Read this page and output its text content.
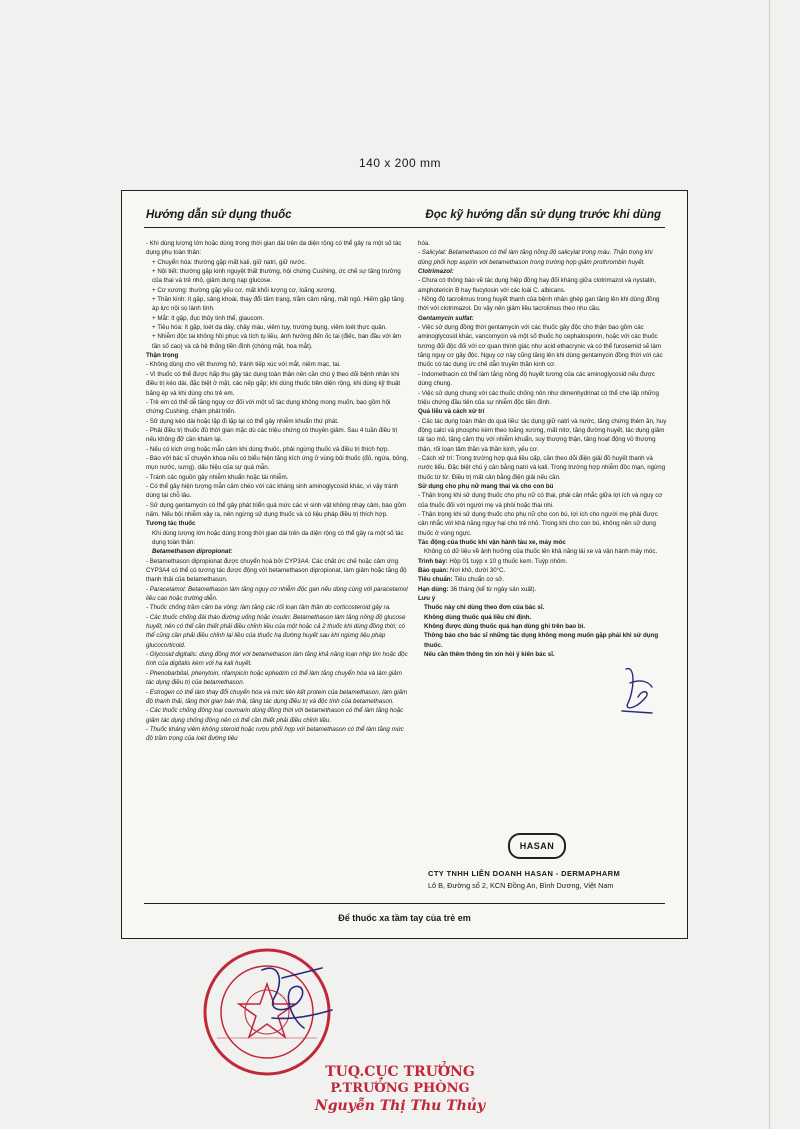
140 x 200 mm
Hướng dẫn sử dụng thuốc	Đọc kỹ hướng dẫn sử dụng trước khi dùng

- Khi dùng lượng lớn hoặc dùng trong thời gian dài trên da diện rộng có thể gây ra một số tác dụng phụ toàn thân:

+ Chuyển hóa: thường gặp mất kali, giữ natri, giữ nước.

+ Nội tiết: thường gặp kinh nguyệt thất thường, hội chứng Cushing, ức chế sự tăng trưởng của thai và trẻ nhỏ, giảm dung nạp glucose.

+ Cơ xương: thường gặp yếu cơ, mất khối lượng cơ, loãng xương.

+ Thần kinh: ít gặp, sảng khoái, thay đổi tâm trạng, trầm cảm nặng, mất ngủ. Hiếm gặp tăng áp lực nội sọ lành tính.

+ Mắt: ít gặp, đục thủy tinh thể, glaucom.

+ Tiêu hóa: ít gặp, loét dạ dày, chảy máu, viêm tụy, trướng bụng, viêm loét thực quản.

+ Nhiễm độc tai không hồi phục và tích tụ liều, ảnh hưởng đến ốc tai (điếc, ban đầu với âm tần số cao) và cả hệ thống tiền đình (chóng mặt, hoa mắt).

Thận trọng

- Không dùng cho vết thương hở, tránh tiếp xúc với mắt, niêm mạc, tai.

- Vì thuốc có thể được hấp thu gây tác dụng toàn thân nên cần chú ý theo dõi bệnh nhân khi điều trị kéo dài, đặc biệt ở mặt, các nếp gấp; khi dùng thuốc trên diện rộng, khi dùng kỹ thuật băng ép và khi dùng cho trẻ em.

- Trẻ em có thể dễ tăng nguy cơ đối với một số tác dụng không mong muốn, bao gồm hội chứng Cushing, chậm phát triển.

- Sử dụng kéo dài hoặc lặp đi lặp lại có thể gây nhiễm khuẩn thứ phát.

- Phải điều trị thuốc đủ thời gian mặc dù các triệu chứng có thuyên giảm. Sau 4 tuần điều trị nếu không đỡ cần khám lại.

- Nếu có kích ứng hoặc mẫn cảm khi dùng thuốc, phải ngừng thuốc và điều trị thích hợp.

- Báo với bác sĩ chuyên khoa nếu có biểu hiện tăng kích ứng ở vùng bôi thuốc (đỏ, ngứa, bỏng, mụn nước, sưng), dấu hiệu của sự quá mẫn.

- Tránh các nguồn gây nhiễm khuẩn hoặc tái nhiễm.

- Có thể gây hiện tượng mẫn cảm chéo với các kháng sinh aminoglycosid khác, vì vậy tránh dùng tại chỗ lâu.

- Sử dụng gentamycin có thể gây phát triển quá mức các vi sinh vật không nhạy cảm, bao gồm nấm. Nếu bội nhiễm xảy ra, nên ngừng sử dụng thuốc và có liệu pháp điều trị thích hợp.

Tương tác thuốc

Khi dùng lượng lớn hoặc dùng trong thời gian dài trên da diện rộng có thể gây ra một số tác dụng toàn thân:

Betamethason dipropionat:

- Betamethason dipropionat được chuyển hoá bởi CYP3A4. Các chất ức chế hoặc cảm ứng CYP3A4 có thể có tương tác được động với betamethason dipropionat, làm giảm hoặc tăng độ thanh thải của betamethason.

- Paracetamol: Betamethason làm tăng nguy cơ nhiễm độc gan nếu dùng cùng với paracetamol liều cao hoặc trường diễn.

- Thuốc chống trầm cảm ba vòng: làm tăng các rối loạn tâm thần do corticosteroid gây ra.

- Các thuốc chống đái tháo đường uống hoặc insulin: Betamethason làm tăng nồng độ glucose huyết, nên có thể cần thiết phải điều chỉnh liều của một hoặc cả 2 thuốc khi dùng đồng thời; có thể cũng cần phải điều chỉnh lại liều của thuốc hạ đường huyết sau khi ngừng liệu pháp glucocorticoid.

- Glycosid digitalis: dùng đồng thời với betamethason làm tăng khả năng loạn nhịp tim hoặc độc tính của digitalis kèm với hạ kali huyết.

- Phenobarbital, phenytoin, rifampicin hoặc ephedrin có thể làm tăng chuyển hóa và làm giảm tác dụng điều trị của betamethason.

- Estrogen có thể làm thay đổi chuyển hóa và mức liên kết protein của betamethason, làm giảm độ thanh thải, tăng thời gian bán thải, tăng tác dụng điều trị và độc tính của betamethason.

- Các thuốc chống đông loại coumarin dùng đồng thời với betamethason có thể làm tăng hoặc giảm tác dụng chống đông nên có thể cần thiết phải điều chỉnh liều.

- Thuốc kháng viêm không steroid hoặc rượu phối hợp với betamethason có thể làm tăng mức độ trầm trọng của loét đường tiêu

hóa.

- Salicylat: Betamethason có thể làm tăng nồng độ salicylat trong máu. Thận trọng khi dùng phối hợp aspirin với betamethason trong trường hợp giảm prothrombin huyết.

Clotrimazol:

- Chưa có thông báo về tác dụng hiệp đồng hay đối kháng giữa clotrimazol và nystatin, amphotericin B hay flucytosin với các loài C. albicans.

- Nồng độ tacrolimus trong huyết thanh của bệnh nhân ghép gan tăng lên khi dùng đồng thời với clotrimazol. Do vậy nên giảm liều tacrolimus theo nhu cầu.

Gentamycin sulfat:

- Việc sử dụng đồng thời gentamycin với các thuốc gây độc cho thận bao gồm các aminoglycosid khác, vancomycin và một số thuốc họ cephalosporin, hoặc với các thuốc tương đối độc đối với cơ quan thính giác như acid ethacrynic và có thể furosemid sẽ làm tăng nguy cơ gây độc. Nguy cơ này cũng tăng lên khi dùng gentamycin đồng thời với các thuốc có tác dụng ức chế dẫn truyền thần kinh cơ.

- Indomethacin có thể làm tăng nồng độ huyết tương của các aminoglycosid nếu được dùng chung.

- Việc sử dụng chung với các thuốc chống nôn như dimenhydrinat có thể che lấp những triệu chứng đầu tiên của sự nhiễm độc tiền đình.

Quá liều và cách xử trí

- Các tác dụng toàn thân do quá liều: tác dụng giữ natri và nước, tăng chứng thèm ăn, huy động calci và phospho kèm theo loãng xương, mất nitơ, tăng đường huyết, tác dụng giảm tái tạo mô, tăng cảm thụ với nhiễm khuẩn, suy thượng thận, tăng hoạt động vỏ thượng thận, rối loạn tâm thần và thần kinh, yếu cơ.

- Cách xử trí: Trong trường hợp quá liều cấp, cần theo dõi điện giải đồ huyết thanh và nước tiểu. Đặc biệt chú ý cân bằng natri và kali. Trong trường hợp nhiễm độc mạn, ngừng thuốc từ từ. Điều trị mất cân bằng điện giải nếu cần.

Sử dụng cho phụ nữ mang thai và cho con bú

- Thận trọng khi sử dụng thuốc cho phụ nữ có thai, phải cân nhắc giữa lợi ích và nguy cơ của thuốc đối với người mẹ và phôi hoặc thai nhi.

- Thận trọng khi sử dụng thuốc cho phụ nữ cho con bú, lợi ích cho người mẹ phải được cân nhắc với khả năng nguy hại cho trẻ nhỏ. Trong khi cho con bú, không nên sử dụng thuốc ở vùng ngực.

Tác động của thuốc khi vận hành tàu xe, máy móc

Không có dữ liệu về ảnh hưởng của thuốc lên khả năng lái xe và vận hành máy móc.

Trình bày: Hộp 01 tuýp x 10 g thuốc kem. Tuýp nhôm.

Bảo quản: Nơi khô, dưới 30°C.

Tiêu chuẩn: Tiêu chuẩn cơ sở.

Hạn dùng: 36 tháng (kể từ ngày sản xuất).

Lưu ý

Thuốc này chỉ dùng theo đơn của bác sĩ.

Không dùng thuốc quá liều chỉ định.

Không được dùng thuốc quá hạn dùng ghi trên bao bì.

Thông báo cho bác sĩ những tác dụng không mong muốn gặp phải khi sử dụng thuốc.

Nếu cần thêm thông tin xin hỏi ý kiến bác sĩ.

HASAN
CTY TNHH LIÊN DOANH HASAN - DERMAPHARM
Lô B, Đường số 2, KCN Đồng An, Bình Dương, Việt Nam
Để thuốc xa tầm tay của trẻ em
TUQ.CỤC TRƯỞNG
P.TRƯỞNG PHÒNG
Nguyễn Thị Thu Thủy
